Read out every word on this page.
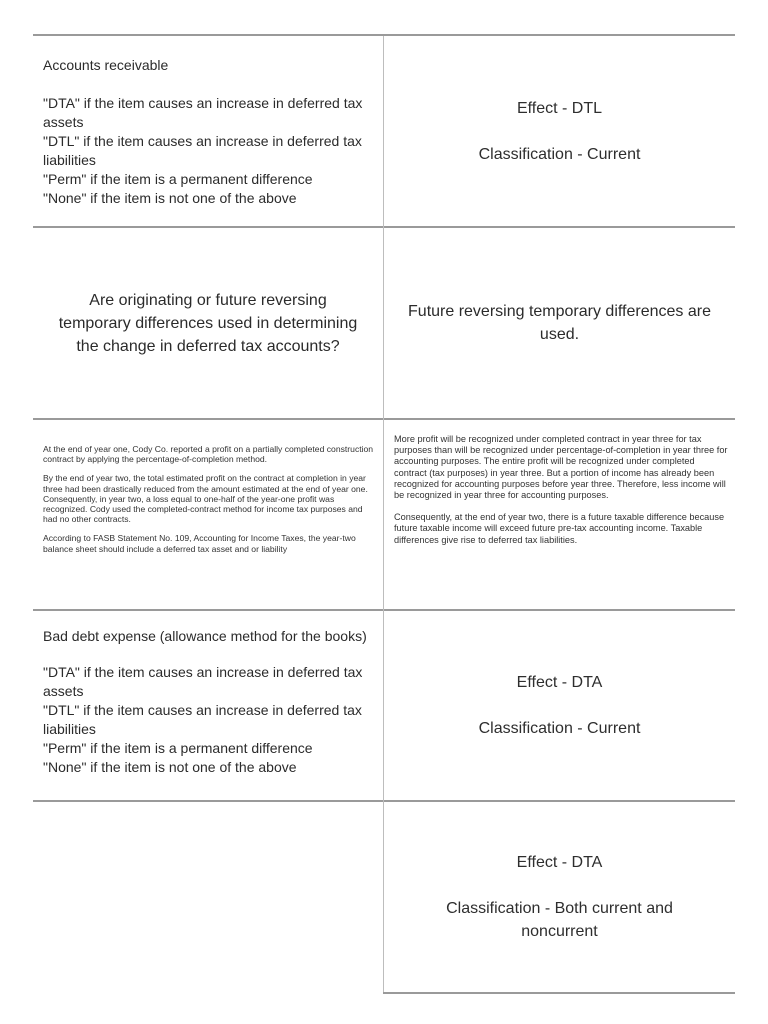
Accounts receivable

"DTA" if the item causes an increase in deferred tax assets
"DTL" if the item causes an increase in deferred tax liabilities
"Perm" if the item is a permanent difference
"None" if the item is not one of the above
Effect - DTL
Classification - Current
Are originating or future reversing temporary differences used in determining the change in deferred tax accounts?
Future reversing temporary differences are used.

At the end of year one, Cody Co. reported a profit on a partially completed construction contract by applying the percentage-of-completion method.

By the end of year two, the total estimated profit on the contract at completion in year three had been drastically reduced from the amount estimated at the end of year one.

Consequently, in year two, a loss equal to one-half of the year-one profit was recognized. Cody used the completed-contract method for income tax purposes and had no other contracts.

According to FASB Statement No. 109, Accounting for Income Taxes, the year-two balance sheet should include a deferred tax asset and or liability

More profit will be recognized under completed contract in year three for tax purposes than will be recognized under percentage-of-completion in year three for accounting purposes. The entire profit will be recognized under completed contract (tax purposes) in year three. But a portion of income has already been recognized for accounting purposes before year three. Therefore, less income will be recognized in year three for accounting purposes.

Consequently, at the end of year two, there is a future taxable difference because future taxable income will exceed future pre-tax accounting income. Taxable differences give rise to deferred tax liabilities.

Bad debt expense (allowance method for the books)

"DTA" if the item causes an increase in deferred tax assets
"DTL" if the item causes an increase in deferred tax liabilities
"Perm" if the item is a permanent difference
"None" if the item is not one of the above
Effect - DTA
Classification - Current
Effect - DTA
Classification - Both current and noncurrent
